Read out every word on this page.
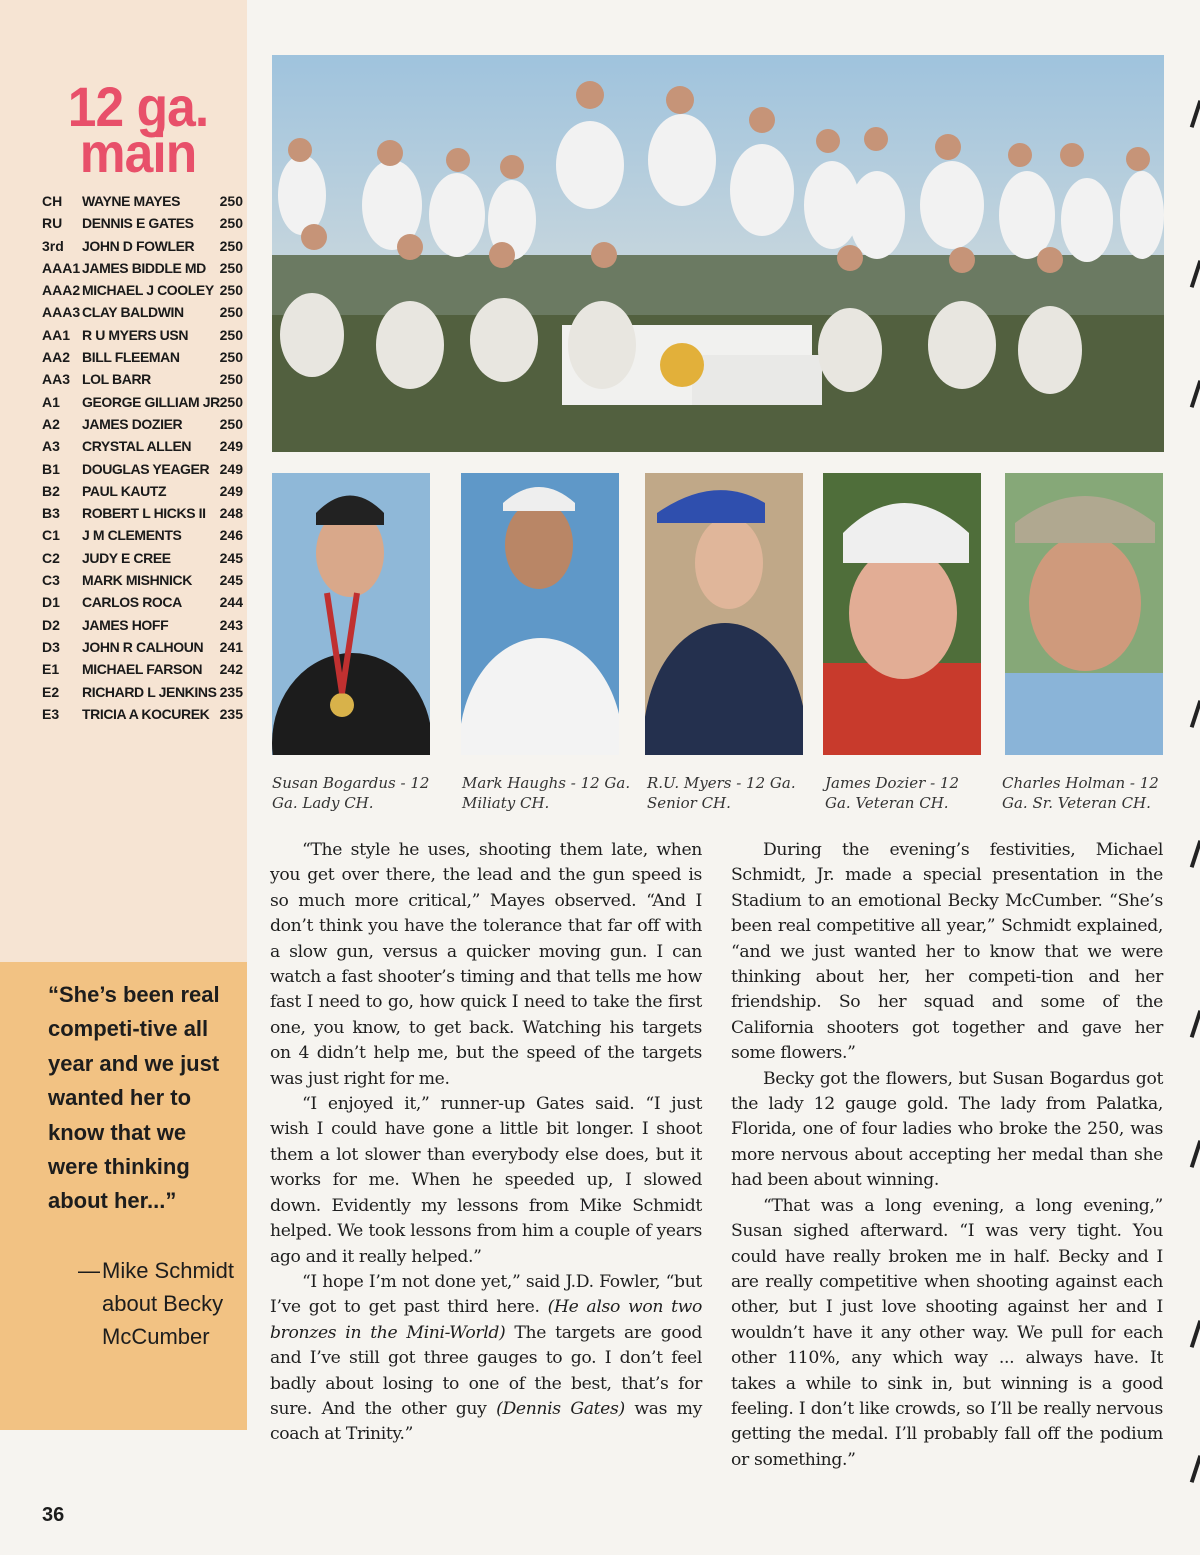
12 ga.
main
CH WAYNE MAYES	250
RU DENNIS E GATES 250
3rd JOHN D FOWLER 250
AAA1 JAMES BIDDLE MD 250
AAA2 MICHAEL J COOLEY 250
AAA3 CLAY BALDWIN	250
AA1 R U MYERS USN 250
AA2 BILL FLEEMAN	250
AA3 LOL BARR	250
A1 GEORGE GILLIAM JR 250
A2 JAMES DOZIER	250
A3 CRYSTAL ALLEN 249
B1 DOUGLAS YEAGER 249
B2 PAUL KAUTZ	249
B3 ROBERT L HICKS II 248
C1 J M CLEMENTS	246
C2 JUDY E CREE	245
C3 MARK MISHNICK 245
D1 CARLOS ROCA	244
D2 JAMES HOFF	243
D3 JOHN R CALHOUN 241
E1 MICHAEL FARSON 242
E2 RICHARD L JENKINS 235
E3 TRICIA A KOCUREK 235
“She’s been real competi-tive all year and we just wanted her to know that we were thinking about her...”
— Mike Schmidt about Becky McCumber
36
Susan Bogardus - 12 Ga. Lady CH.
Mark Haughs - 12 Ga. Miliaty CH.
R.U. Myers - 12 Ga. Senior CH.
James Dozier - 12 Ga. Veteran CH.
Charles Holman - 12 Ga. Sr. Veteran CH.

“The style he uses, shooting them late, when you get over there, the lead and the gun speed is so much more critical,” Mayes observed. “And I don’t think you have the tolerance that far off with a slow gun, versus a quicker moving gun. I can watch a fast shooter’s timing and that tells me how fast I need to go, how quick I need to take the first one, you know, to get back. Watching his targets on 4 didn’t help me, but the speed of the targets was just right for me.

“I enjoyed it,” runner-up Gates said. “I just wish I could have gone a little bit longer. I shoot them a lot slower than everybody else does, but it works for me. When he speeded up, I slowed down. Evidently my lessons from Mike Schmidt helped. We took lessons from him a couple of years ago and it really helped.”

“I hope I’m not done yet,” said J.D. Fowler, “but I’ve got to get past third here. (He also won two bronzes in the Mini-World) The targets are good and I’ve still got three gauges to go. I don’t feel badly about losing to one of the best, that’s for sure. And the other guy (Dennis Gates) was my coach at Trinity.”

During the evening’s festivities, Michael Schmidt, Jr. made a special presentation in the Stadium to an emotional Becky McCumber. “She’s been real competitive all year,” Schmidt explained, “and we just wanted her to know that we were thinking about her, her competi-tion and her friendship. So her squad and some of the California shooters got together and gave her some flowers.”

Becky got the flowers, but Susan Bogardus got the lady 12 gauge gold. The lady from Palatka, Florida, one of four ladies who broke the 250, was more nervous about accepting her medal than she had been about winning.

“That was a long evening, a long evening,” Susan sighed afterward. “I was very tight. You could have really broken me in half. Becky and I are really competitive when shooting against each other, but I just love shooting against her and I wouldn’t have it any other way. We pull for each other 110%, any which way ... always have. It takes a while to sink in, but winning is a good feeling. I don’t like crowds, so I’ll be really nervous getting the medal. I’ll probably fall off the podium or something.”
